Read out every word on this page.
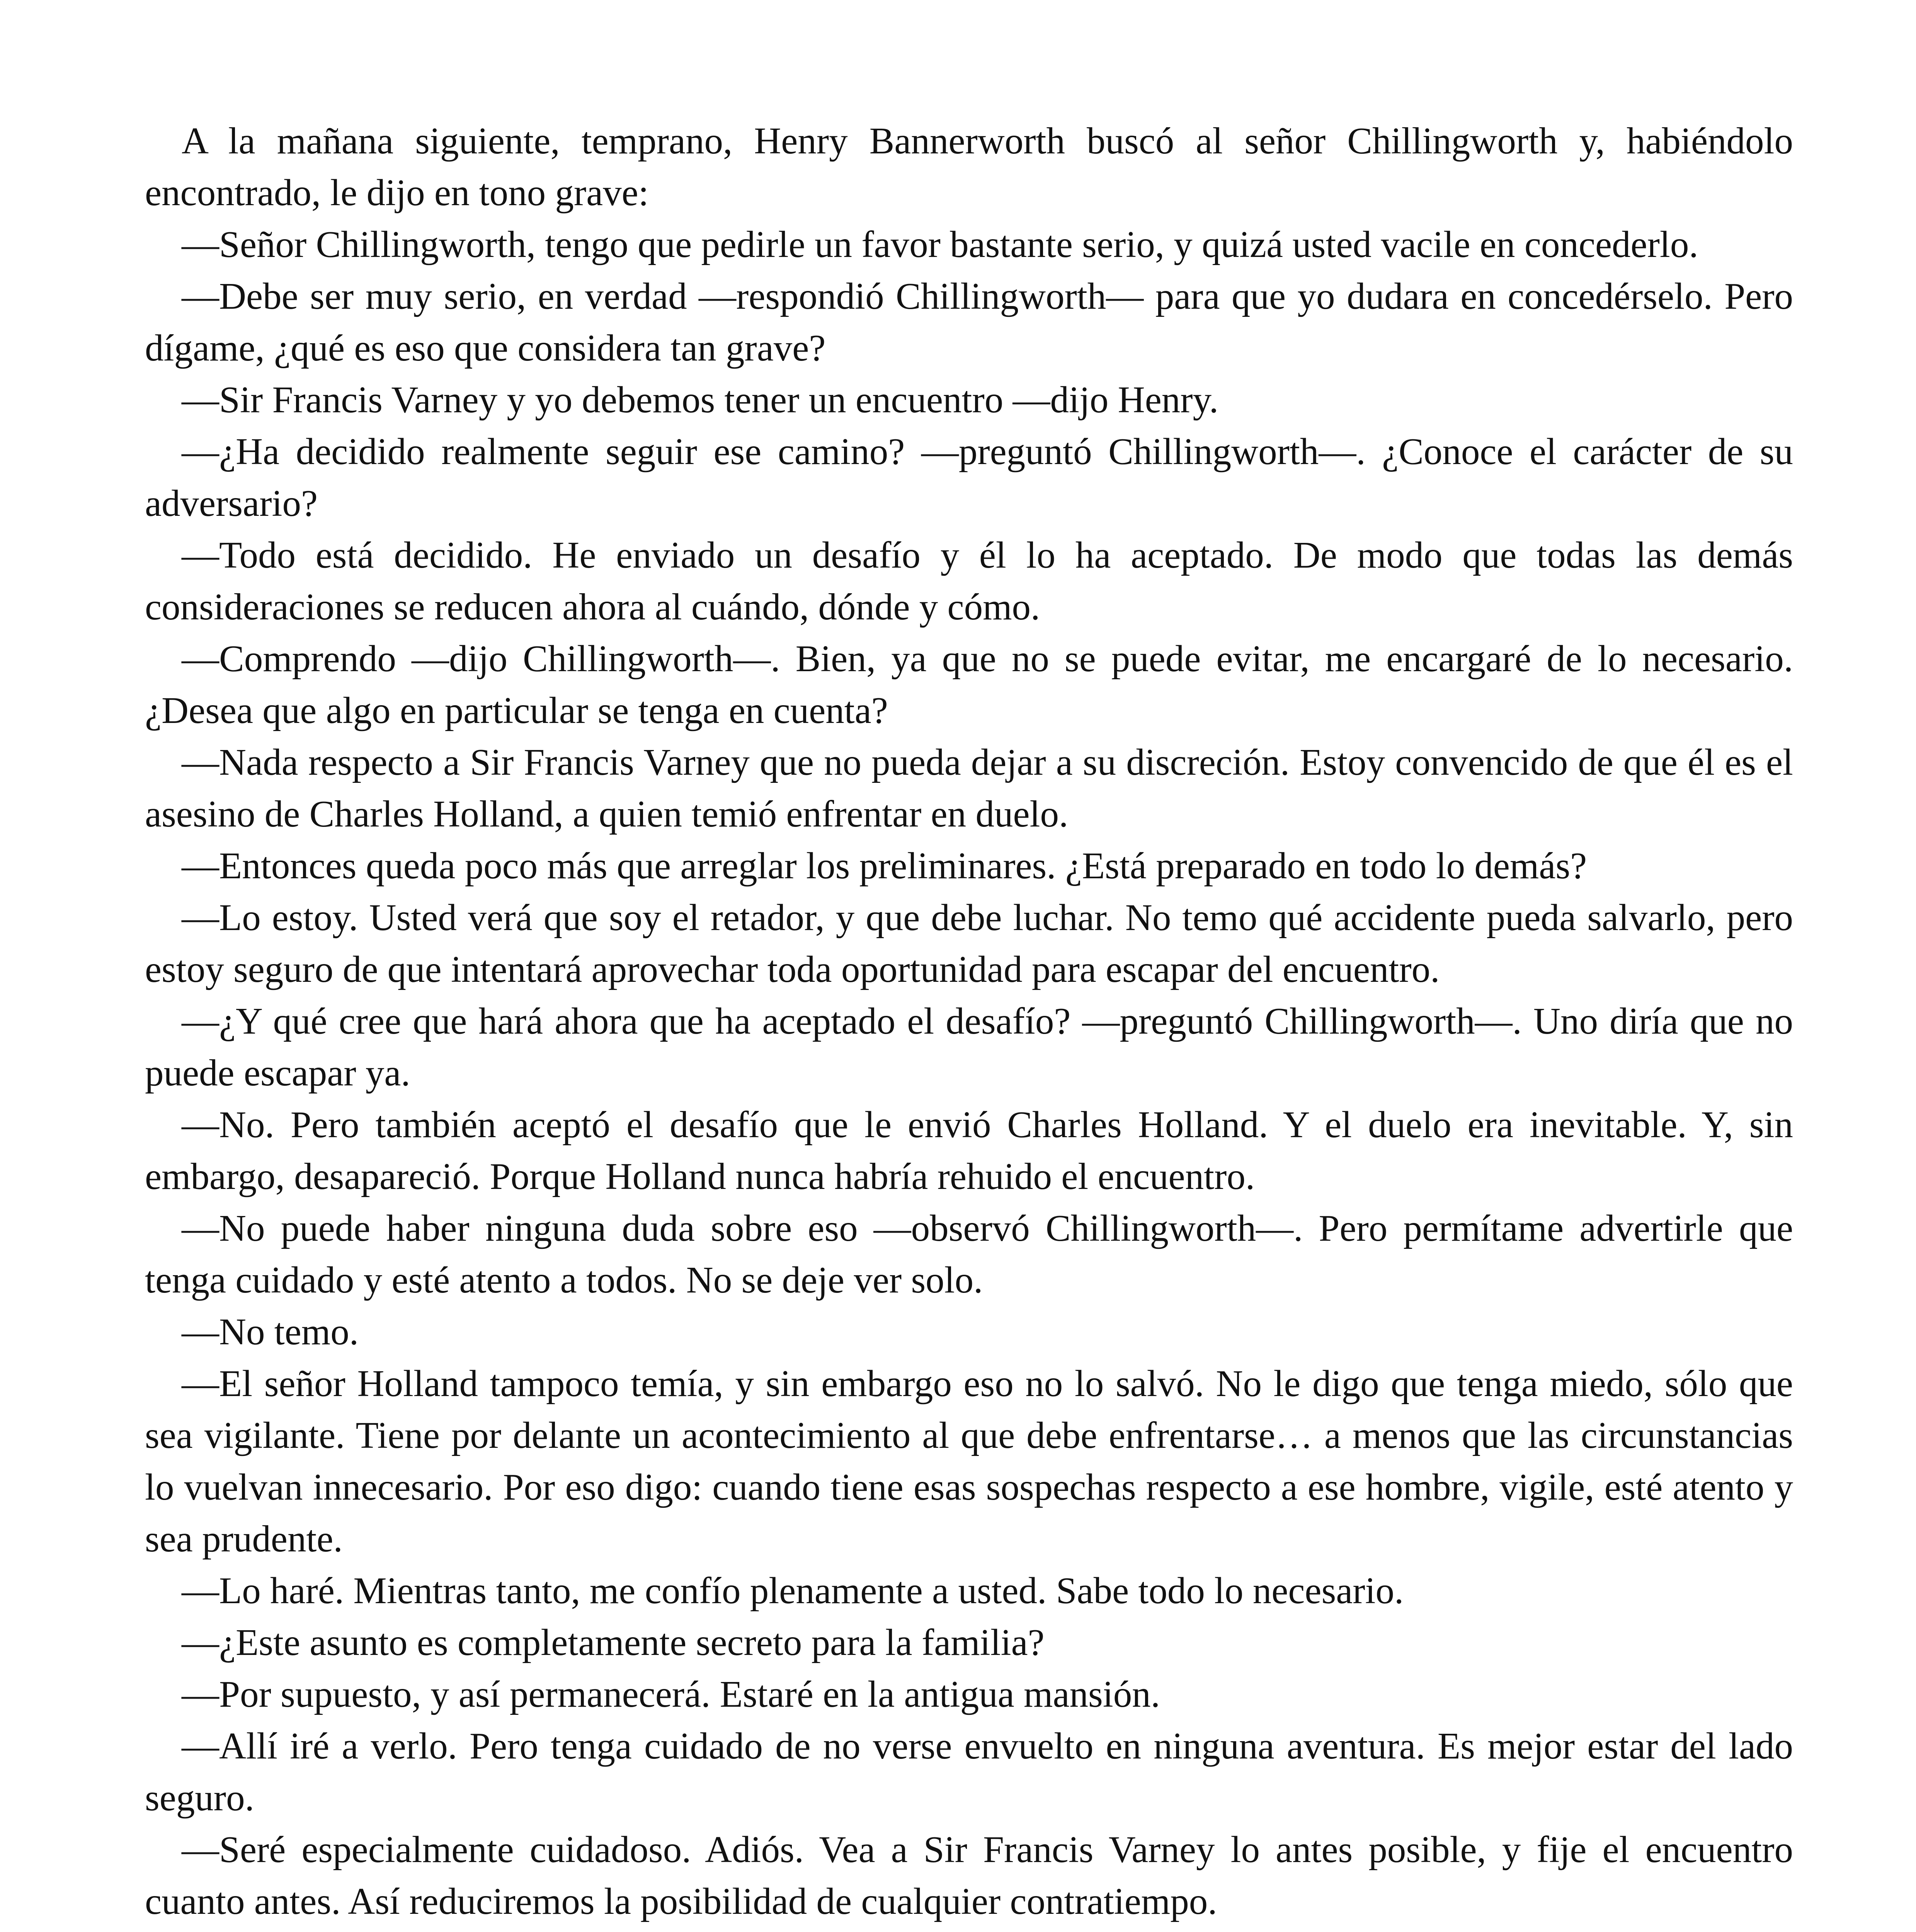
A la mañana siguiente, temprano, Henry Bannerworth buscó al señor Chillingworth y, habiéndolo encontrado, le dijo en tono grave:

—Señor Chillingworth, tengo que pedirle un favor bastante serio, y quizá usted vacile en concederlo.

—Debe ser muy serio, en verdad —respondió Chillingworth— para que yo dudara en concedérselo. Pero dígame, ¿qué es eso que considera tan grave?

—Sir Francis Varney y yo debemos tener un encuentro —dijo Henry.

—¿Ha decidido realmente seguir ese camino? —preguntó Chillingworth—. ¿Conoce el carácter de su adversario?

—Todo está decidido. He enviado un desafío y él lo ha aceptado. De modo que todas las demás consideraciones se reducen ahora al cuándo, dónde y cómo.

—Comprendo —dijo Chillingworth—. Bien, ya que no se puede evitar, me encargaré de lo necesario. ¿Desea que algo en particular se tenga en cuenta?

—Nada respecto a Sir Francis Varney que no pueda dejar a su discreción. Estoy convencido de que él es el asesino de Charles Holland, a quien temió enfrentar en duelo.

—Entonces queda poco más que arreglar los preliminares. ¿Está preparado en todo lo demás?

—Lo estoy. Usted verá que soy el retador, y que debe luchar. No temo qué accidente pueda salvarlo, pero estoy seguro de que intentará aprovechar toda oportunidad para escapar del encuentro.

—¿Y qué cree que hará ahora que ha aceptado el desafío? —preguntó Chillingworth—. Uno diría que no puede escapar ya.

—No. Pero también aceptó el desafío que le envió Charles Holland. Y el duelo era inevitable. Y, sin embargo, desapareció. Porque Holland nunca habría rehuido el encuentro.

—No puede haber ninguna duda sobre eso —observó Chillingworth—. Pero permítame advertirle que tenga cuidado y esté atento a todos. No se deje ver solo.

—No temo.

—El señor Holland tampoco temía, y sin embargo eso no lo salvó. No le digo que tenga miedo, sólo que sea vigilante. Tiene por delante un acontecimiento al que debe enfrentarse… a menos que las circunstancias lo vuelvan innecesario. Por eso digo: cuando tiene esas sospechas respecto a ese hombre, vigile, esté atento y sea prudente.

—Lo haré. Mientras tanto, me confío plenamente a usted. Sabe todo lo necesario.

—¿Este asunto es completamente secreto para la familia?

—Por supuesto, y así permanecerá. Estaré en la antigua mansión.

—Allí iré a verlo. Pero tenga cuidado de no verse envuelto en ninguna aventura. Es mejor estar del lado seguro.

—Seré especialmente cuidadoso. Adiós. Vea a Sir Francis Varney lo antes posible, y fije el encuentro cuanto antes. Así reduciremos la posibilidad de cualquier contratiempo.
